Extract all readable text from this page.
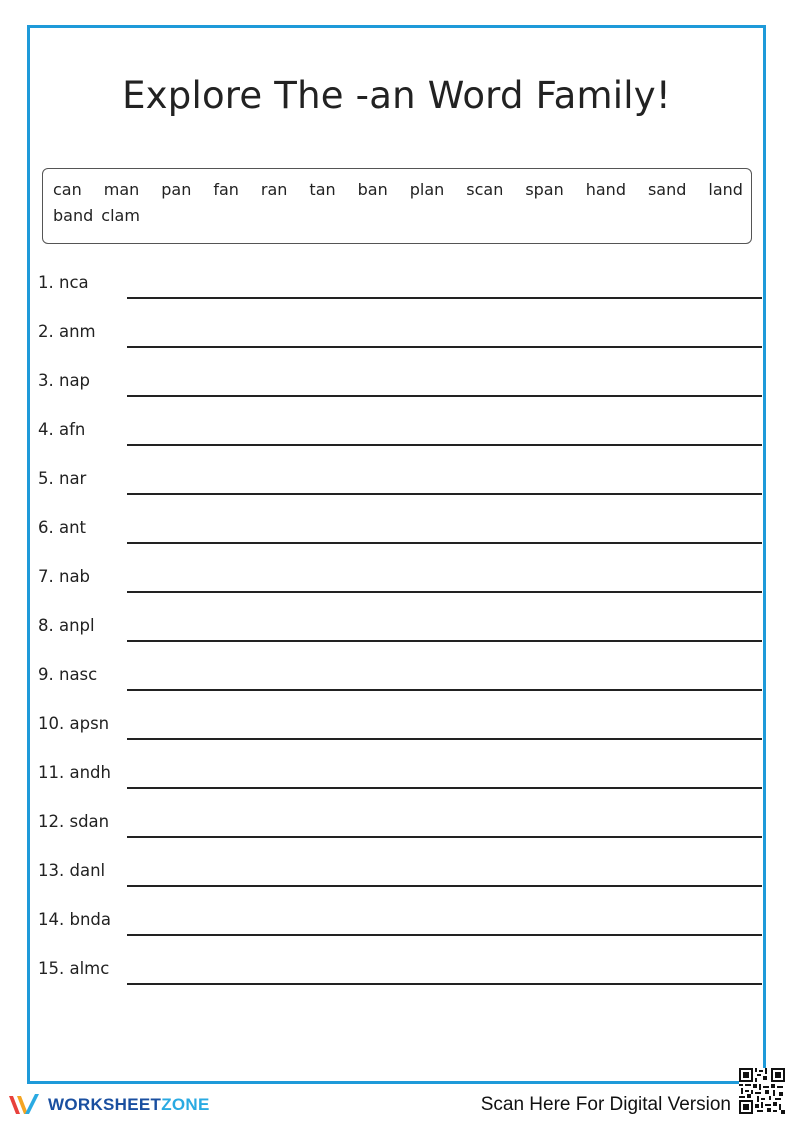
Explore The -an Word Family!
can man pan fan ran tan ban plan scan span hand sand land
band clam
1. nca
2. anm
3. nap
4. afn
5. nar
6. ant
7. nab
8. anpl
9. nasc
10. apsn
11. andh
12. sdan
13. danl
14. bnda
15. almc
WORKSHEETZONE	Scan Here For Digital Version
